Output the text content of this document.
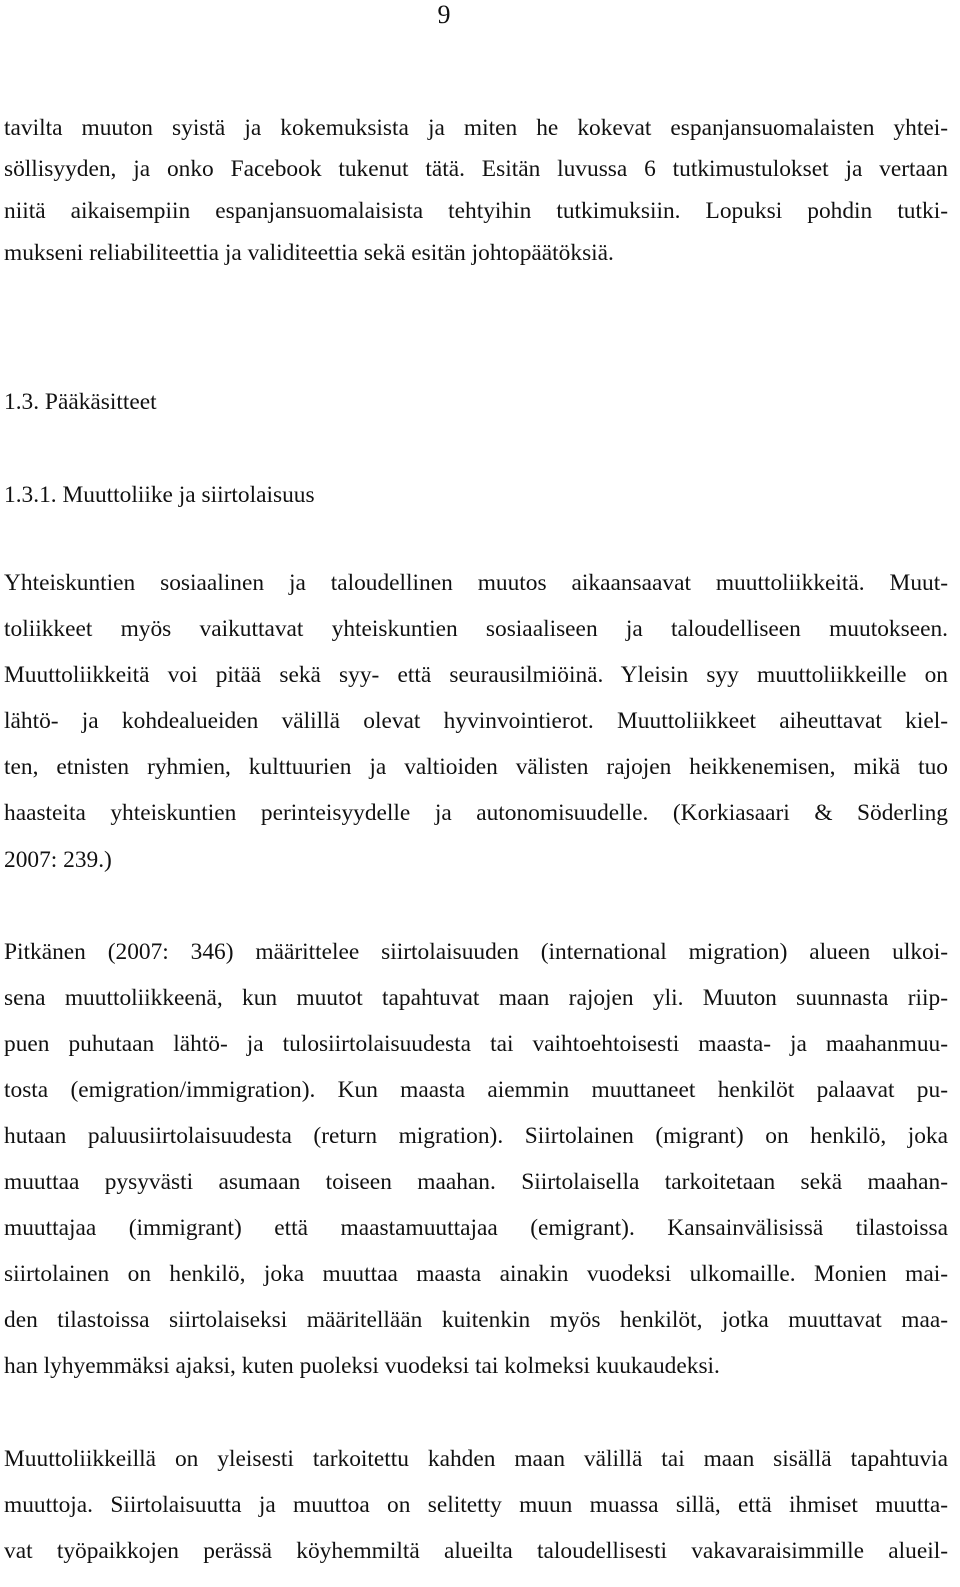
9
tavilta muuton syistä ja kokemuksista ja miten he kokevat espanjansuomalaisten yhtei-
söllisyyden, ja onko Facebook tukenut tätä. Esitän luvussa 6 tutkimustulokset ja vertaan
niitä aikaisempiin espanjansuomalaisista tehtyihin tutkimuksiin. Lopuksi pohdin tutki-
mukseni reliabiliteettia ja validiteettia sekä esitän johtopäätöksiä.
1.3. Pääkäsitteet
1.3.1. Muuttoliike ja siirtolaisuus
Yhteiskuntien sosiaalinen ja taloudellinen muutos aikaansaavat muuttoliikkeitä. Muut-
toliikkeet myös vaikuttavat yhteiskuntien sosiaaliseen ja taloudelliseen muutokseen.
Muuttoliikkeitä voi pitää sekä syy- että seurausilmiöinä. Yleisin syy muuttoliikkeille on
lähtö- ja kohdealueiden välillä olevat hyvinvointierot. Muuttoliikkeet aiheuttavat kiel-
ten, etnisten ryhmien, kulttuurien ja valtioiden välisten rajojen heikkenemisen, mikä tuo
haasteita yhteiskuntien perinteisyydelle ja autonomisuudelle. (Korkiasaari & Söderling
2007: 239.)
Pitkänen (2007: 346) määrittelee siirtolaisuuden (international migration) alueen ulkoi-
sena muuttoliikkeenä, kun muutot tapahtuvat maan rajojen yli. Muuton suunnasta riip-
puen puhutaan lähtö- ja tulosiirtolaisuudesta tai vaihtoehtoisesti maasta- ja maahanmuu-
tosta (emigration/immigration). Kun maasta aiemmin muuttaneet henkilöt palaavat pu-
hutaan paluusiirtolaisuudesta (return migration). Siirtolainen (migrant) on henkilö, joka
muuttaa pysyvästi asumaan toiseen maahan. Siirtolaisella tarkoitetaan sekä maahan-
muuttajaa (immigrant) että maastamuuttajaa (emigrant). Kansainvälisissä tilastoissa
siirtolainen on henkilö, joka muuttaa maasta ainakin vuodeksi ulkomaille. Monien mai-
den tilastoissa siirtolaiseksi määritellään kuitenkin myös henkilöt, jotka muuttavat maa-
han lyhyemmäksi ajaksi, kuten puoleksi vuodeksi tai kolmeksi kuukaudeksi.
Muuttoliikkeillä on yleisesti tarkoitettu kahden maan välillä tai maan sisällä tapahtuvia
muuttoja. Siirtolaisuutta ja muuttoa on selitetty muun muassa sillä, että ihmiset muutta-
vat työpaikkojen perässä köyhemmiltä alueilta taloudellisesti vakavaraisimmille alueil-
